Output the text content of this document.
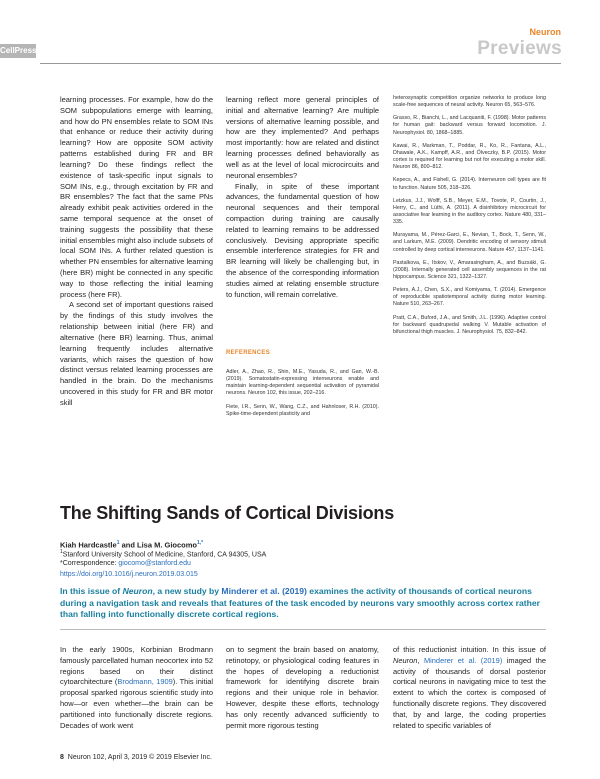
CellPress
Neuron
Previews

learning processes. For example, how do the SOM subpopulations emerge with learning, and how do PN ensembles relate to SOM INs that enhance or reduce their activity during learning? How are opposite SOM activity patterns established during FR and BR learning? Do these findings reflect the existence of task-specific input signals to SOM INs, e.g., through excitation by FR and BR ensembles? The fact that the same PNs already exhibit peak activities ordered in the same temporal sequence at the onset of training suggests the possibility that these initial ensembles might also include subsets of local SOM INs. A further related question is whether PN ensembles for alternative learning (here BR) might be connected in any specific way to those reflecting the initial learning process (here FR).

A second set of important questions raised by the findings of this study involves the relationship between initial (here FR) and alternative (here BR) learning. Thus, animal learning frequently includes alternative variants, which raises the question of how distinct versus related learning processes are handled in the brain. Do the mechanisms uncovered in this study for FR and BR motor skill

learning reflect more general principles of initial and alternative learning? Are multiple versions of alternative learning possible, and how are they implemented? And perhaps most importantly: how are related and distinct learning processes defined behaviorally as well as at the level of local microcircuits and neuronal ensembles?

Finally, in spite of these important advances, the fundamental question of how neuronal sequences and their temporal compaction during training are causally related to learning remains to be addressed conclusively. Devising appropriate specific ensemble interference strategies for FR and BR learning will likely be challenging but, in the absence of the corresponding information studies aimed at relating ensemble structure to function, will remain correlative.

REFERENCES

Adler, A., Zhao, R., Shin, M.E., Yasuda, R., and Gan, W.-B. (2019). Somatostatin-expressing interneurons enable and maintain learning-dependent sequential activation of pyramidal neurons. Neuron 102, this issue, 202–216.

Fiete, I.R., Senn, W., Wang, C.Z., and Hahnloser, R.H. (2010). Spike-time-dependent plasticity and

heterosynaptic competition organize networks to produce long scale-free sequences of neural activity. Neuron 65, 563–576.

Grasso, R., Bianchi, L., and Lacquaniti, F. (1998). Motor patterns for human gait: backward versus forward locomotion. J. Neurophysiol. 80, 1868–1885.

Kawai, R., Markman, T., Poddar, R., Ko, R., Fantana, A.L., Dhawale, A.K., Kampff, A.R., and Ölveczky, B.P. (2015). Motor cortex is required for learning but not for executing a motor skill. Neuron 86, 800–812.

Kepecs, A., and Fishell, G. (2014). Interneuron cell types are fit to function. Nature 505, 318–326.

Letzkus, J.J., Wolff, S.B., Meyer, E.M., Tovote, P., Courtin, J., Herry, C., and Lüthi, A. (2011). A disinhibitory microcircuit for associative fear learning in the auditory cortex. Nature 480, 331–335.

Murayama, M., Pérez-Garci, E., Nevian, T., Bock, T., Senn, W., and Larkum, M.E. (2009). Dendritic encoding of sensory stimuli controlled by deep cortical interneurons. Nature 457, 1137–1141.

Pastalkova, E., Itskov, V., Amarasingham, A., and Buzsáki, G. (2008). Internally generated cell assembly sequences in the rat hippocampus. Science 321, 1322–1327.

Peters, A.J., Chen, S.X., and Komiyama, T. (2014). Emergence of reproducible spatiotemporal activity during motor learning. Nature 510, 263–267.

Pratt, C.A., Buford, J.A., and Smith, J.L. (1996). Adaptive control for backward quadrupedal walking V. Mutable activation of bifunctional thigh muscles. J. Neurophysiol. 75, 832–842.

The Shifting Sands of Cortical Divisions
Kiah Hardcastle$^1$ and Lisa M. Giocomo$^{1,*}$
$^1$Stanford University School of Medicine, Stanford, CA 94305, USA
*Correspondence: giocomo@stanford.edu
https://doi.org/10.1016/j.neuron.2019.03.015
In this issue of Neuron, a new study by Minderer et al. (2019) examines the activity of thousands of cortical neurons during a navigation task and reveals that features of the task encoded by neurons vary smoothly across cortex rather than falling into functionally discrete cortical regions.

In the early 1900s, Korbinian Brodmann famously parcellated human neocortex into 52 regions based on their distinct cytoarchitecture (Brodmann, 1909). This initial proposal sparked rigorous scientific study into how—or even whether—the brain can be partitioned into functionally discrete regions. Decades of work went

on to segment the brain based on anatomy, retinotopy, or physiological coding features in the hopes of developing a reductionist framework for identifying discrete brain regions and their unique role in behavior. However, despite these efforts, technology has only recently advanced sufficiently to permit more rigorous testing

of this reductionist intuition. In this issue of Neuron, Minderer et al. (2019) imaged the activity of thousands of dorsal posterior cortical neurons in navigating mice to test the extent to which the cortex is composed of functionally discrete regions. They discovered that, by and large, the coding properties related to specific variables of

8 Neuron 102, April 3, 2019 © 2019 Elsevier Inc.
